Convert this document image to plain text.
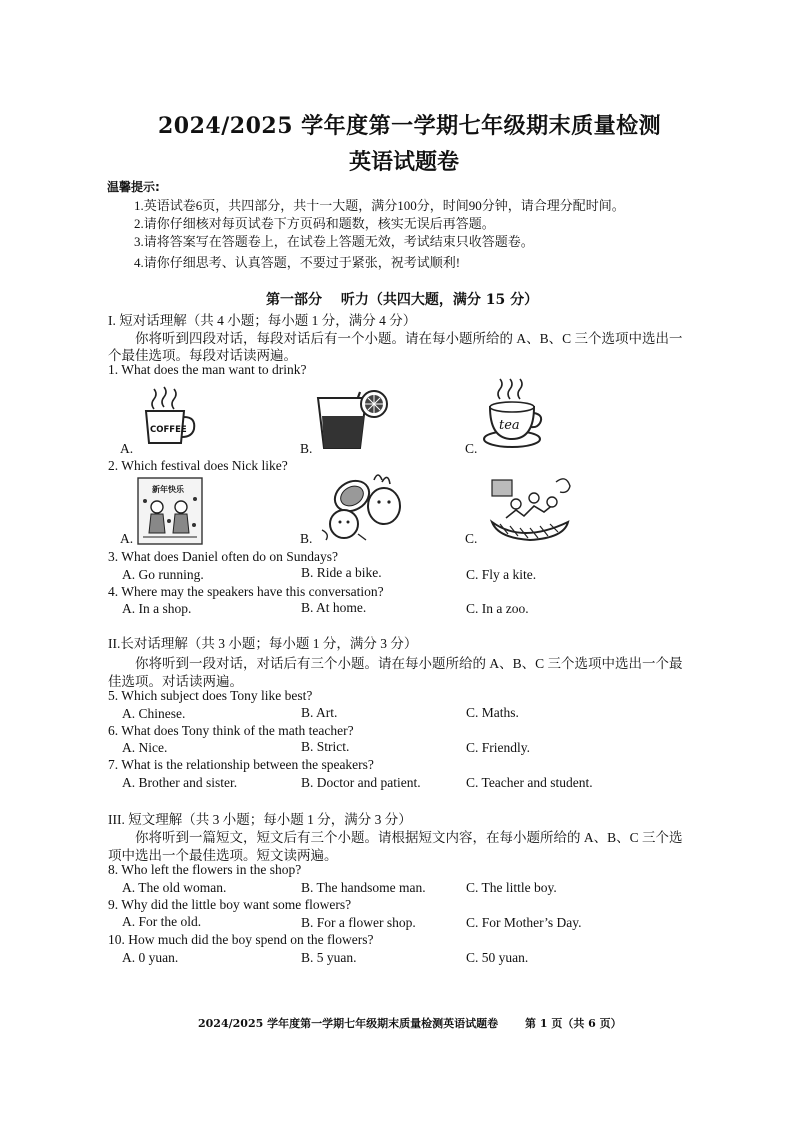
2024/2025 学年度第一学期七年级期末质量检测
英语试题卷
温馨提示:
1.英语试卷6页，共四部分，共十一大题，满分100分，时间90分钟，请合理分配时间。
2.请你仔细核对每页试卷下方页码和题数，核实无误后再答题。
3.请将答案写在答题卷上，在试卷上答题无效，考试结束只收答题卷。
4.请你仔细思考、认真答题，不要过于紧张，祝考试顺利!
第一部分　 听力（共四大题，满分 15 分）
I. 短对话理解（共 4 小题；每小题 1 分，满分 4 分）
你将听到四段对话，每段对话后有一个小题。请在每小题所给的 A、B、C 三个选项中选出一
个最佳选项。每段对话读两遍。
1. What does the man want to drink?
A.	B.	C.
COFFEE	tea
2. Which festival does Nick like?
A.	B.	C.
新年快乐
3. What does Daniel often do on Sundays?
A. Go running.	B. Ride a bike.	C. Fly a kite.
4. Where may the speakers have this conversation?
A. In a shop.	B. At home.	C. In a zoo.
II.长对话理解（共 3 小题；每小题 1 分，满分 3 分）
你将听到一段对话，对话后有三个小题。请在每小题所给的 A、B、C 三个选项中选出一个最
佳选项。对话读两遍。
5. Which subject does Tony like best?
A. Chinese.	B. Art.	C. Maths.
6. What does Tony think of the math teacher?
A. Nice.	B. Strict.	C. Friendly.
7. What is the relationship between the speakers?
A. Brother and sister.	B. Doctor and patient.	C. Teacher and student.
III. 短文理解（共 3 小题；每小题 1 分，满分 3 分）
你将听到一篇短文，短文后有三个小题。请根据短文内容，在每小题所给的 A、B、C 三个选
项中选出一个最佳选项。短文读两遍。
8. Who left the flowers in the shop?
A. The old woman.	B. The handsome man.	C. The little boy.
9. Why did the little boy want some flowers?
A. For the old.	B. For a flower shop.	C. For Mother’s Day.
10. How much did the boy spend on the flowers?
A. 0 yuan.	B. 5 yuan.	C. 50 yuan.
2024/2025 学年度第一学期七年级期末质量检测英语试题卷 第 1 页（共 6 页）
